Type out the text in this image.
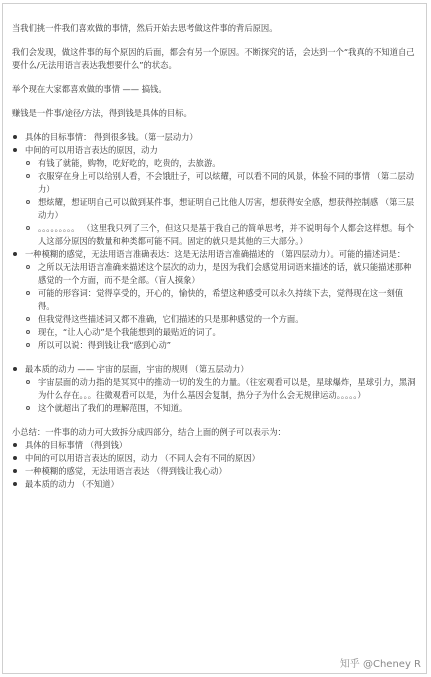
当我们挑一件我们喜欢做的事情，然后开始去思考做这件事的背后原因。

我们会发现，做这件事的每个原因的后面，都会有另一个原因。不断探究的话，会达到一个“我真的不知道自己要什么/无法用语言表达我想要什么”的状态。

举个现在大家都喜欢做的事情 —— 搞钱。

赚钱是一件事/途径/方法，得到钱是具体的目标。

具体的目标事情： 得到很多钱。（第一层动力）
中间的可以用语言表达的原因，动力
有钱了就能，购物，吃好吃的，吃贵的，去旅游。
衣服穿在身上可以给别人看，不会饿肚子，可以炫耀，可以看不同的风景，体验不同的事情 （第二层动力）
想炫耀，想证明自己可以做到某件事，想证明自己比他人厉害，想获得安全感，想获得控制感 （第三层动力）
。。。。。。。。。 （这里我只列了三个，但这只是基于我自己的简单思考，并不说明每个人都会这样想。每个人这部分原因的数量和种类都可能不同。固定的就只是其他的三大部分。）
一种模糊的感觉，无法用语言准确表达：这是无法用语言准确描述的 （第四层动力）。可能的描述词是：
之所以无法用语言准确来描述这个层次的动力，是因为我们会感觉用词语来描述的话，就只能描述那种感觉的一个方面，而不是全部。（盲人摸象）
可能的形容词：觉得享受的，开心的，愉快的，希望这种感受可以永久持续下去，觉得现在这一刻值得。
但我觉得这些描述词又都不准确，它们描述的只是那种感觉的一个方面。
现在，“让人心动”是个我能想到的最贴近的词了。
所以可以说：得到钱让我“感到心动”
最本质的动力 —— 宇宙的层面，宇宙的规则 （第五层动力）
宇宙层面的动力指的是冥冥中的推动一切的发生的力量。（往宏观看可以是，星球爆炸，星球引力，黑洞为什么存在。。。往微观看可以是，为什么基因会复制，热分子为什么会无规律运动。。。。。）
这个就超出了我们的理解范围，不知道。

小总结：一件事的动力可大致拆分成四部分，结合上面的例子可以表示为：

具体的目标事情 （得到钱）
中间的可以用语言表达的原因，动力 （不同人会有不同的原因）
一种模糊的感觉，无法用语言表达 （得到钱让我心动）
最本质的动力 （不知道）
知乎 @Cheney R
